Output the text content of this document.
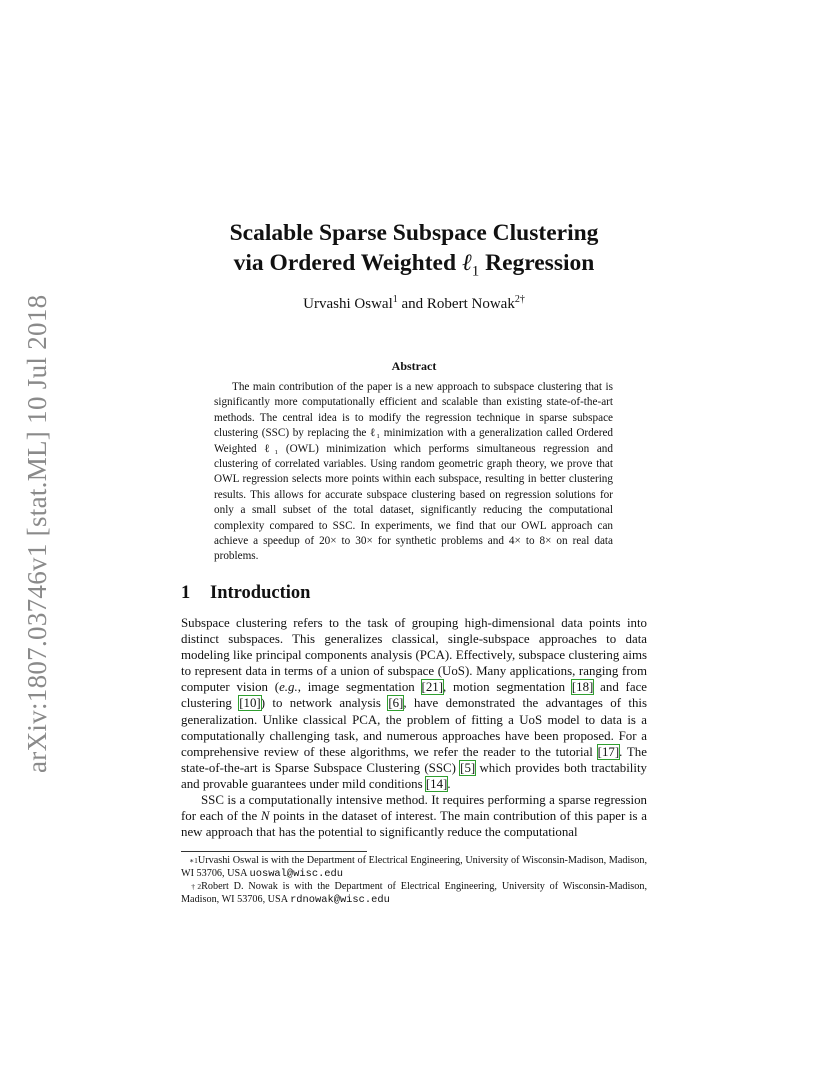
arXiv:1807.03746v1 [stat.ML] 10 Jul 2018
Scalable Sparse Subspace Clustering
via Ordered Weighted ℓ$_1$ Regression
Urvashi Oswal$^1$ and Robert Nowak$^{2\dagger}$
Abstract

The main contribution of the paper is a new approach to subspace clustering that is significantly more computationally efficient and scalable than existing state-of-the-art methods. The central idea is to modify the regression technique in sparse subspace clustering (SSC) by replacing the ℓ₁ minimization with a generalization called Ordered Weighted ℓ₁ (OWL) minimization which performs simultaneous regression and clustering of correlated variables. Using random geometric graph theory, we prove that OWL regression selects more points within each subspace, resulting in better clustering results. This allows for accurate subspace clustering based on regression solutions for only a small subset of the total dataset, significantly reducing the computational complexity compared to SSC. In experiments, we find that our OWL approach can achieve a speedup of 20× to 30× for synthetic problems and 4× to 8× on real data problems.

1 Introduction

Subspace clustering refers to the task of grouping high-dimensional data points into distinct subspaces. This generalizes classical, single-subspace approaches to data modeling like principal components analysis (PCA). Effectively, subspace clustering aims to represent data in terms of a union of subspace (UoS). Many applications, ranging from computer vision (e.g., image segmentation [21], motion segmentation [18] and face clustering [10]) to network analysis [6], have demonstrated the advantages of this generalization. Unlike classical PCA, the problem of fitting a UoS model to data is a computationally challenging task, and numerous approaches have been proposed. For a comprehensive review of these algorithms, we refer the reader to the tutorial [17]. The state-of-the-art is Sparse Subspace Clustering (SSC) [5] which provides both tractability and provable guarantees under mild conditions [14].

SSC is a computationally intensive method. It requires performing a sparse regression for each of the N points in the dataset of interest. The main contribution of this paper is a new approach that has the potential to significantly reduce the computational

$^{∗1}$Urvashi Oswal is with the Department of Electrical Engineering, University of Wisconsin-Madison, Madison, WI 53706, USA uoswal@wisc.edu
$^{\dagger 2}$Robert D. Nowak is with the Department of Electrical Engineering, University of Wisconsin-Madison, Madison, WI 53706, USA rdnowak@wisc.edu
